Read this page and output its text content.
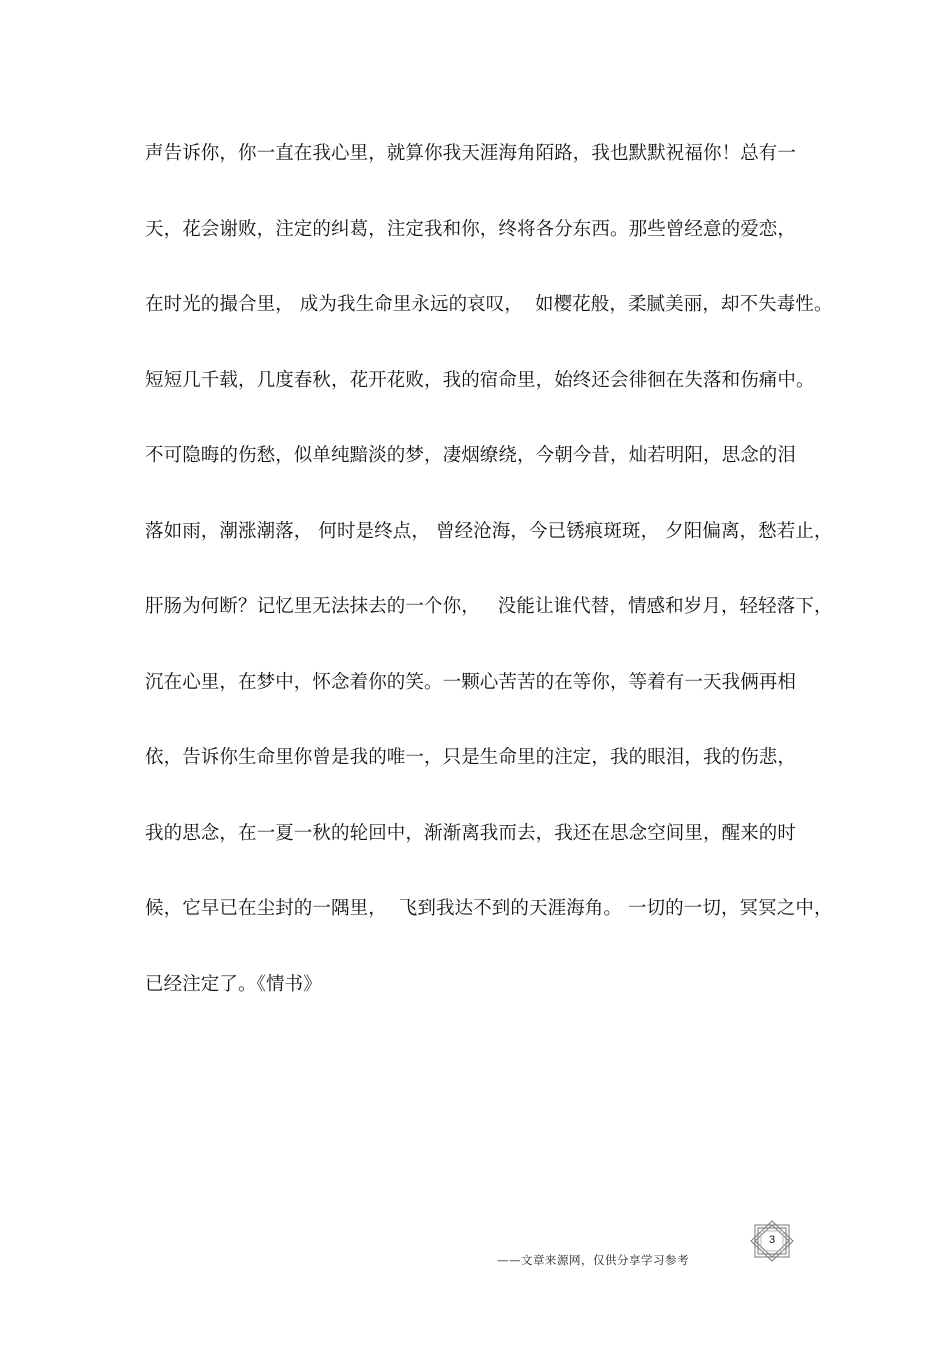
声告诉你，你一直在我心里，就算你我天涯海角陌路，我也默默祝福你！总有一
天，花会谢败，注定的纠葛，注定我和你，终将各分东西。那些曾经意的爱恋，
在时光的撮合里， 成为我生命里永远的哀叹，  如樱花般，柔腻美丽，却不失毒性。
短短几千载，几度春秋，花开花败，我的宿命里，始终还会徘徊在失落和伤痛中。
不可隐晦的伤愁，似单纯黯淡的梦，凄烟缭绕，今朝今昔，灿若明阳，思念的泪
落如雨，潮涨潮落， 何时是终点， 曾经沧海，今已锈痕斑斑， 夕阳偏离，愁若止，
肝肠为何断？记忆里无法抹去的一个你，   没能让谁代替，情感和岁月，轻轻落下，
沉在心里，在梦中，怀念着你的笑。一颗心苦苦的在等你，等着有一天我俩再相
依，告诉你生命里你曾是我的唯一，只是生命里的注定，我的眼泪，我的伤悲，
我的思念，在一夏一秋的轮回中，渐渐离我而去，我还在思念空间里，醒来的时
候，它早已在尘封的一隅里，  飞到我达不到的天涯海角。 一切的一切，冥冥之中，
已经注定了。《情书》
——文章来源网，仅供分享学习参考
3
